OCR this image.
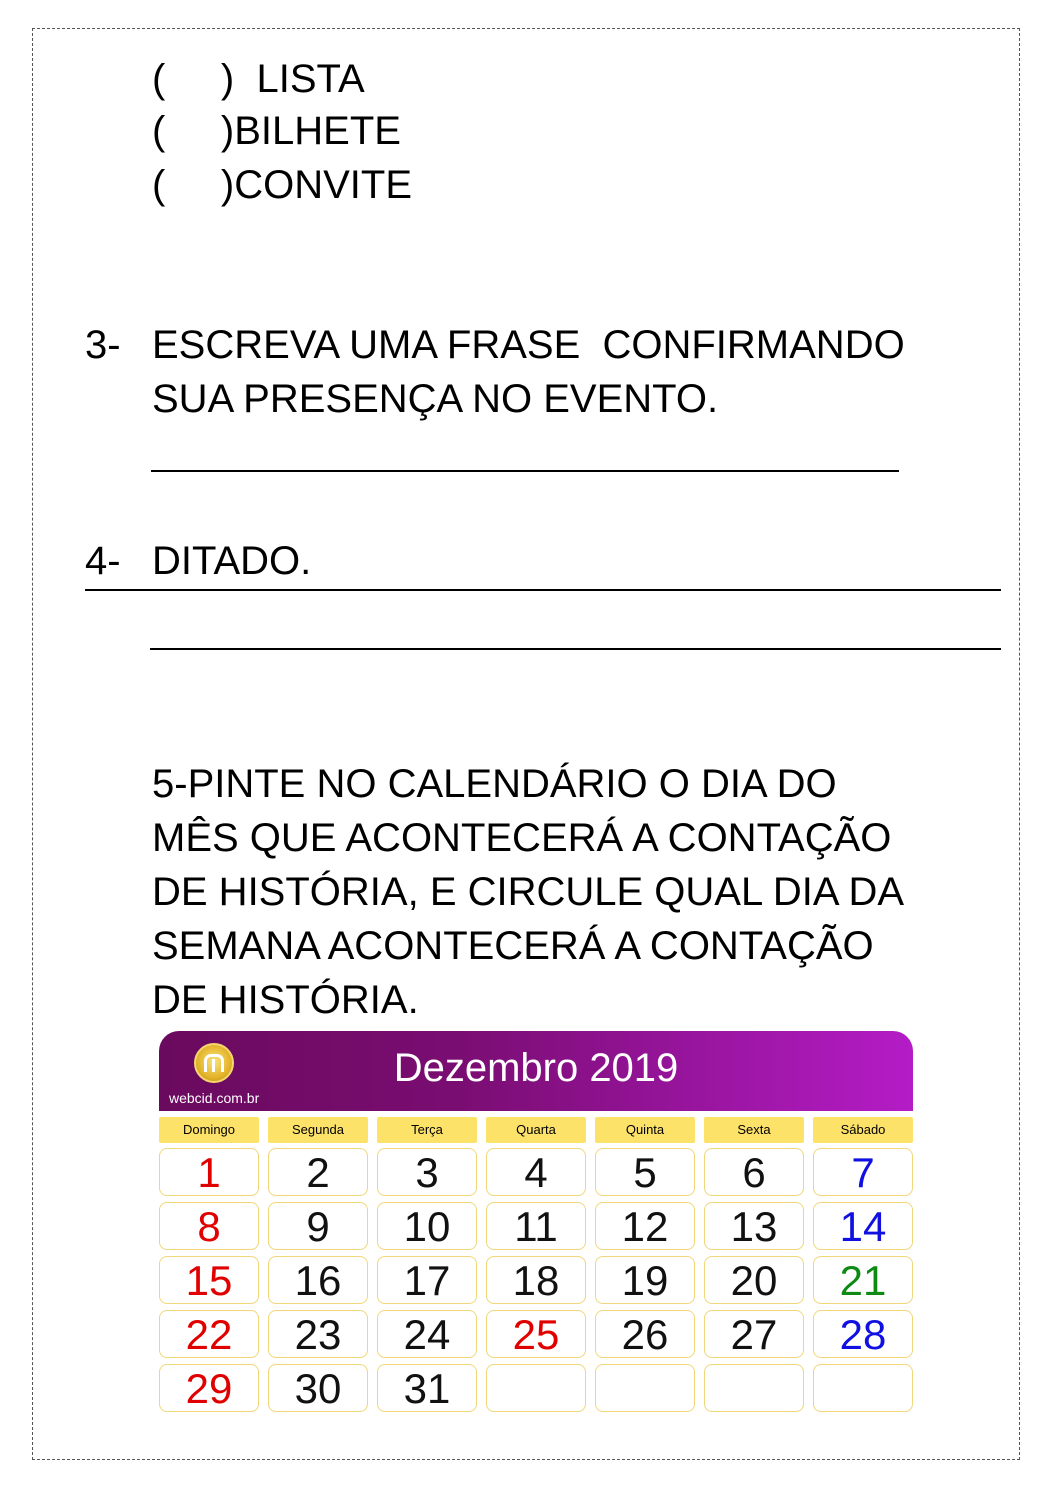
(     ) LISTA
(     )BILHETE
(     )CONVITE
3- ESCREVA UMA FRASE  CONFIRMANDO
SUA PRESENÇA NO EVENTO.
4- DITADO.
5-PINTE NO CALENDÁRIO O DIA DO
MÊS QUE ACONTECERÁ A CONTAÇÃO
DE HISTÓRIA, E CIRCULE QUAL DIA DA
SEMANA ACONTECERÁ A CONTAÇÃO
DE HISTÓRIA.
webcid.com.br
Dezembro 2019
Domingo	Segunda	Terça	Quarta	Quinta	Sexta	Sábado
1	2	3	4	5	6	7
8	9	10	11	12	13	14
15	16	17	18	19	20	21
22	23	24	25	26	27	28
29	30	31
